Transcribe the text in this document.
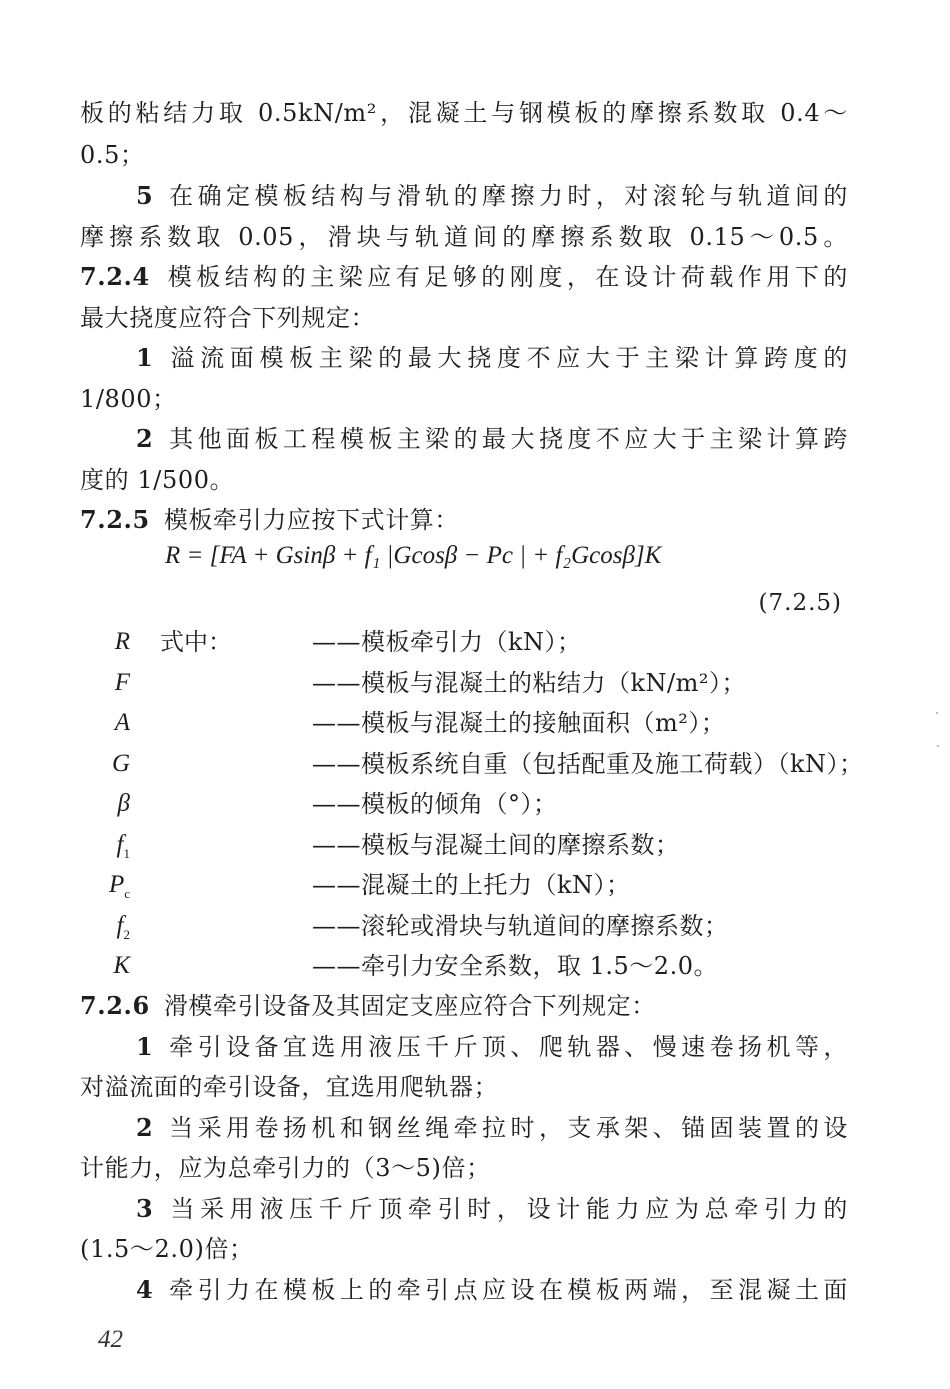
板的粘结力取 0.5kN/m²，混凝土与钢模板的摩擦系数取 0.4～
0.5；
5 在确定模板结构与滑轨的摩擦力时，对滚轮与轨道间的
摩擦系数取 0.05，滑块与轨道间的摩擦系数取 0.15～0.5。
7.2.4 模板结构的主梁应有足够的刚度，在设计荷载作用下的
最大挠度应符合下列规定：
1 溢流面模板主梁的最大挠度不应大于主梁计算跨度的
1/800；
2 其他面板工程模板主梁的最大挠度不应大于主梁计算跨
度的 1/500。
7.2.5 模板牵引力应按下式计算：
R = [FA + Gsinβ + f₁ |Gcosβ − Pc | + f₂Gcosβ]K
(7.2.5)
式中：
R	——模板牵引力（kN）；
F	——模板与混凝土的粘结力（kN/m²）；
A	——模板与混凝土的接触面积（m²）；
G	——模板系统自重（包括配重及施工荷载）（kN）；
β	——模板的倾角（°）；
$f_1$	——模板与混凝土间的摩擦系数；
$P_c$	——混凝土的上托力（kN）；
$f_2$	——滚轮或滑块与轨道间的摩擦系数；
K	——牵引力安全系数，取 1.5～2.0。
7.2.6 滑模牵引设备及其固定支座应符合下列规定：
1 牵引设备宜选用液压千斤顶、爬轨器、慢速卷扬机等，
对溢流面的牵引设备，宜选用爬轨器；
2 当采用卷扬机和钢丝绳牵拉时，支承架、锚固装置的设
计能力，应为总牵引力的（3～5)倍；
3 当采用液压千斤顶牵引时，设计能力应为总牵引力的
(1.5～2.0)倍；
4 牵引力在模板上的牵引点应设在模板两端，至混凝土面
42
